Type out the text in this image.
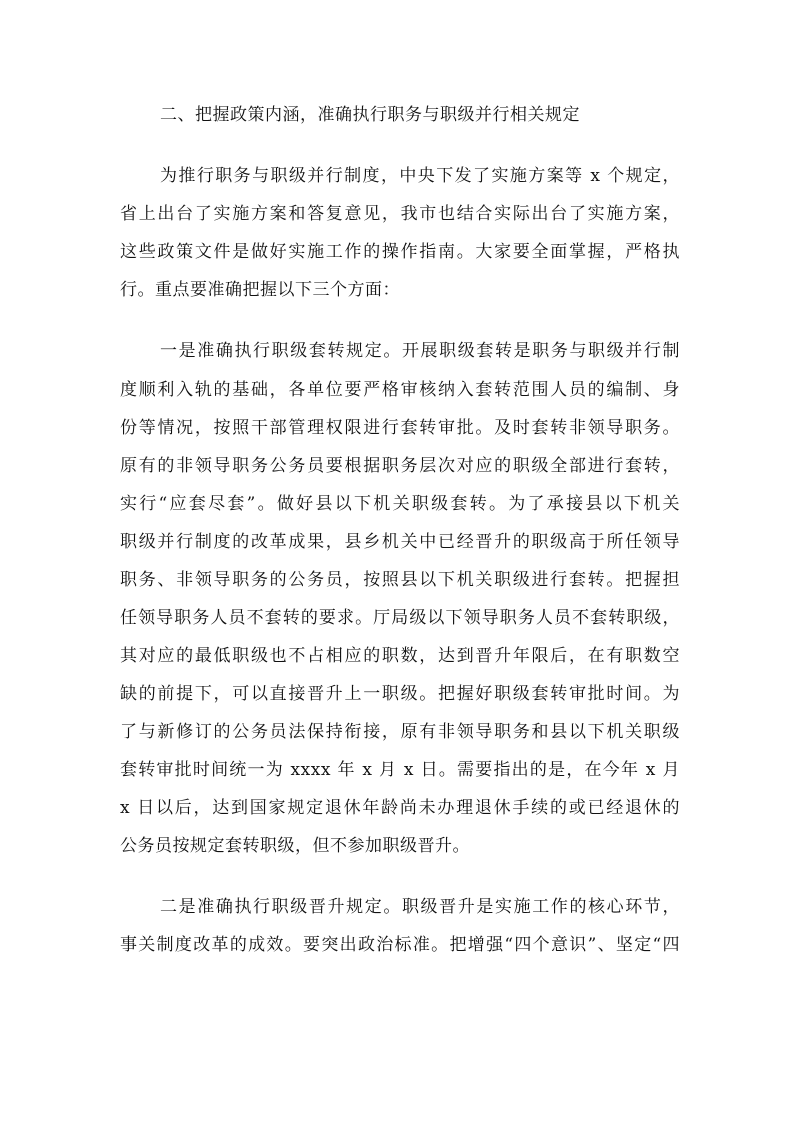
二、把握政策内涵，准确执行职务与职级并行相关规定
为推行职务与职级并行制度，中央下发了实施方案等 x 个规定，
省上出台了实施方案和答复意见，我市也结合实际出台了实施方案，
这些政策文件是做好实施工作的操作指南。大家要全面掌握，严格执
行。重点要准确把握以下三个方面：
一是准确执行职级套转规定。开展职级套转是职务与职级并行制
度顺利入轨的基础，各单位要严格审核纳入套转范围人员的编制、身
份等情况，按照干部管理权限进行套转审批。及时套转非领导职务。
原有的非领导职务公务员要根据职务层次对应的职级全部进行套转，
实行“应套尽套”。做好县以下机关职级套转。为了承接县以下机关
职级并行制度的改革成果，县乡机关中已经晋升的职级高于所任领导
职务、非领导职务的公务员，按照县以下机关职级进行套转。把握担
任领导职务人员不套转的要求。厅局级以下领导职务人员不套转职级，
其对应的最低职级也不占相应的职数，达到晋升年限后，在有职数空
缺的前提下，可以直接晋升上一职级。把握好职级套转审批时间。为
了与新修订的公务员法保持衔接，原有非领导职务和县以下机关职级
套转审批时间统一为 xxxx 年 x 月 x 日。需要指出的是，在今年 x 月
x 日以后，达到国家规定退休年龄尚未办理退休手续的或已经退休的
公务员按规定套转职级，但不参加职级晋升。
二是准确执行职级晋升规定。职级晋升是实施工作的核心环节，
事关制度改革的成效。要突出政治标准。把增强“四个意识”、坚定“四
